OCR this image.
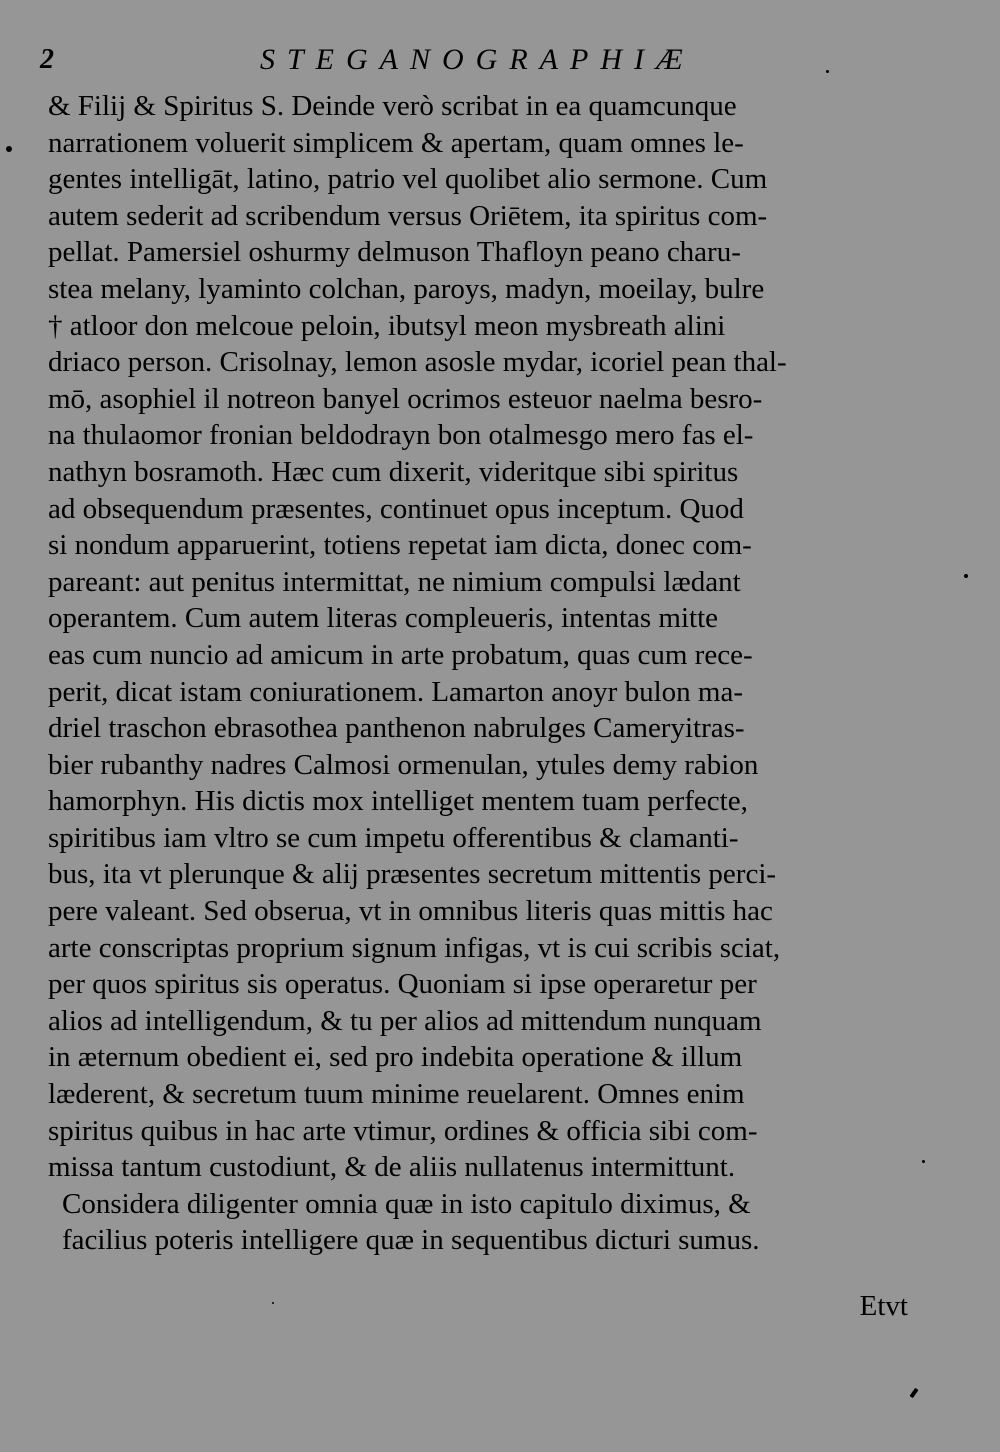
2	STEGANOGRAPHIÆ
& Filij & Spiritus S. Deinde verò scribat in ea quamcunque
narrationem voluerit simplicem & apertam, quam omnes le-
gentes intelligāt, latino, patrio vel quolibet alio sermone. Cum
autem sederit ad scribendum versus Oriētem, ita spiritus com-
pellat. Pamersiel oshurmy delmuson Thafloyn peano charu-
stea melany, lyaminto colchan, paroys, madyn, moeilay, bulre
† atloor don melcoue peloin, ibutsyl meon mysbreath alini
driaco person. Crisolnay, lemon asosle mydar, icoriel pean thal-
mō, asophiel il notreon banyel ocrimos esteuor naelma besro-
na thulaomor fronian beldodrayn bon otalmesgo mero fas el-
nathyn bosramoth. Hæc cum dixerit, videritque sibi spiritus
ad obsequendum præsentes, continuet opus inceptum. Quod
si nondum apparuerint, totiens repetat iam dicta, donec com-
pareant: aut penitus intermittat, ne nimium compulsi lædant
operantem. Cum autem literas compleueris, intentas mitte
eas cum nuncio ad amicum in arte probatum, quas cum rece-
perit, dicat istam coniurationem. Lamarton anoyr bulon ma-
driel traschon ebrasothea panthenon nabrulges Cameryitras-
bier rubanthy nadres Calmosi ormenulan, ytules demy rabion
hamorphyn. His dictis mox intelliget mentem tuam perfecte,
spiritibus iam vltro se cum impetu offerentibus & clamanti-
bus, ita vt plerunque & alij præsentes secretum mittentis perci-
pere valeant. Sed obserua, vt in omnibus literis quas mittis hac
arte conscriptas proprium signum infigas, vt is cui scribis sciat,
per quos spiritus sis operatus. Quoniam si ipse operaretur per
alios ad intelligendum, & tu per alios ad mittendum nunquam
in æternum obedient ei, sed pro indebita operatione & illum
læderent, & secretum tuum minime reuelarent. Omnes enim
spiritus quibus in hac arte vtimur, ordines & officia sibi com-
missa tantum custodiunt, & de aliis nullatenus intermittunt.
Considera diligenter omnia quæ in isto capitulo diximus, &
facilius poteris intelligere quæ in sequentibus dicturi sumus.
Etvt
